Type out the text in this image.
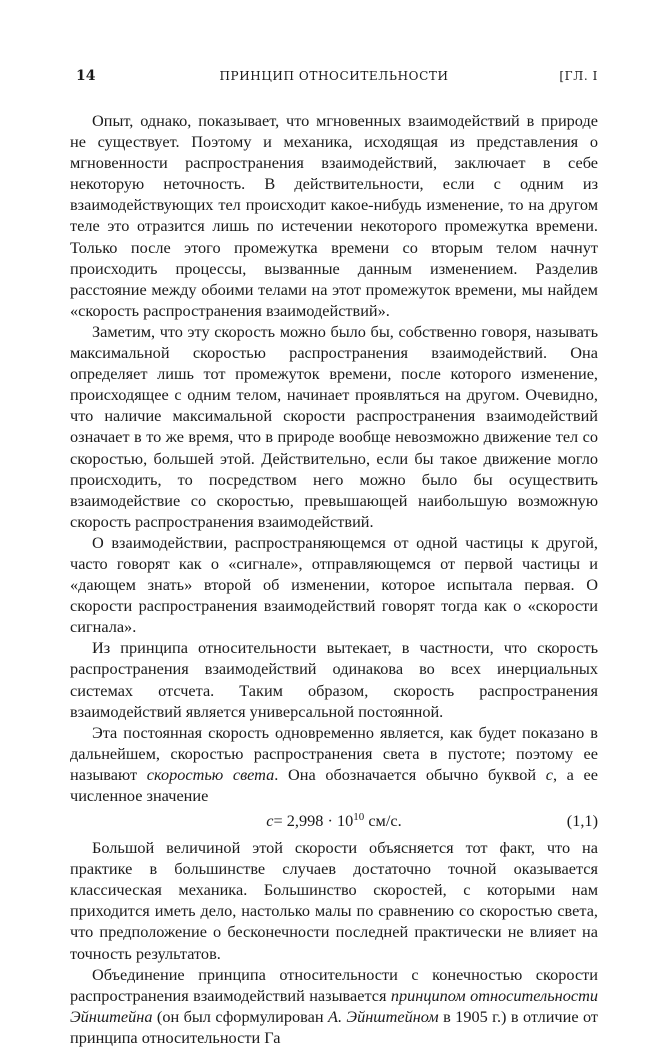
14	ПРИНЦИП ОТНОСИТЕЛЬНОСТИ	[ГЛ. I

Опыт, однако, показывает, что мгновенных взаимодействий в природе не существует. Поэтому и механика, исходящая из представления о мгновенности распространения взаимодействий, заключает в себе некоторую неточность. В действительности, если с одним из взаимодействующих тел происходит какое-нибудь изменение, то на другом теле это отразится лишь по истечении некоторого промежутка времени. Только после этого промежутка времени со вторым телом начнут происходить процессы, вызванные данным изменением. Разделив расстояние между обоими телами на этот промежуток времени, мы найдем «скорость распространения взаимодействий».

Заметим, что эту скорость можно было бы, собственно говоря, называть максимальной скоростью распространения взаимодействий. Она определяет лишь тот промежуток времени, после которого изменение, происходящее с одним телом, начинает проявляться на другом. Очевидно, что наличие максимальной скорости распространения взаимодействий означает в то же время, что в природе вообще невозможно движение тел со скоростью, большей этой. Действительно, если бы такое движение могло происходить, то посредством него можно было бы осуществить взаимодействие со скоростью, превышающей наибольшую возможную скорость распространения взаимодействий.

О взаимодействии, распространяющемся от одной частицы к другой, часто говорят как о «сигнале», отправляющемся от первой частицы и «дающем знать» второй об изменении, которое испытала первая. О скорости распространения взаимодействий говорят тогда как о «скорости сигнала».

Из принципа относительности вытекает, в частности, что скорость распространения взаимодействий одинакова во всех инерциальных системах отсчета. Таким образом, скорость распространения взаимодействий является универсальной постоянной.

Эта постоянная скорость одновременно является, как будет показано в дальнейшем, скоростью распространения света в пустоте; поэтому ее называют скоростью света. Она обозначается обычно буквой c, а ее численное значение

$c= 2,998 \cdot 10^{10}$ см/с.	(1,1)

Большой величиной этой скорости объясняется тот факт, что на практике в большинстве случаев достаточно точной оказывается классическая механика. Большинство скоростей, с которыми нам приходится иметь дело, настолько малы по сравнению со скоростью света, что предположение о бесконечности последней практически не влияет на точность результатов.

Объединение принципа относительности с конечностью скорости распространения взаимодействий называется принципом относительности Эйнштейна (он был сформулирован А. Эйнштейном в 1905 г.) в отличие от принципа относительности Га
